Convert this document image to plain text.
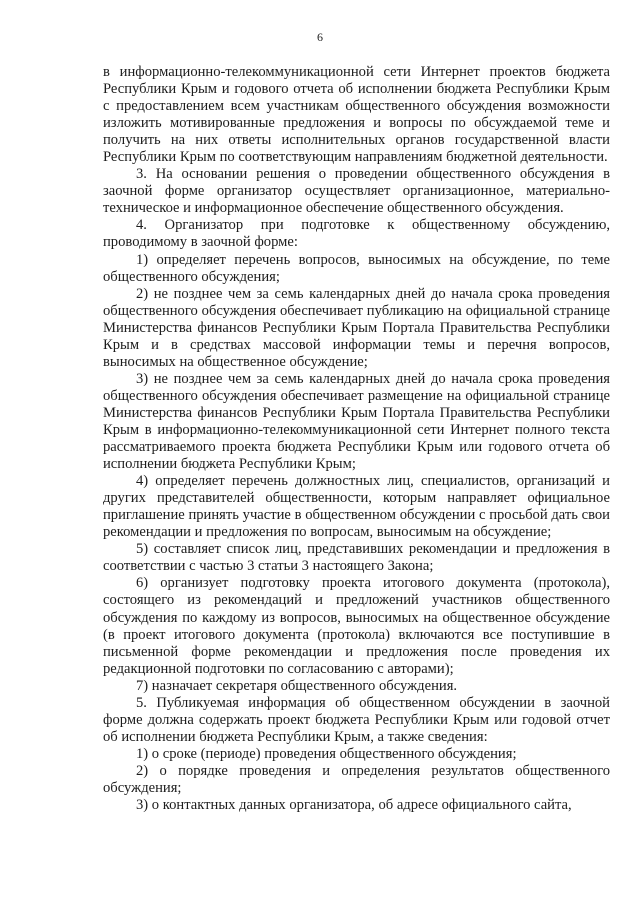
6

в информационно-телекоммуникационной сети Интернет проектов бюджета Республики Крым и годового отчета об исполнении бюджета Республики Крым с предоставлением всем участникам общественного обсуждения возможности изложить мотивированные предложения и вопросы по обсуждаемой теме и получить на них ответы исполнительных органов государственной власти Республики Крым по соответствующим направлениям бюджетной деятельности.

3. На основании решения о проведении общественного обсуждения в заочной форме организатор осуществляет организационное, материально-техническое и информационное обеспечение общественного обсуждения.

4. Организатор при подготовке к общественному обсуждению, проводимому в заочной форме:

1) определяет перечень вопросов, выносимых на обсуждение, по теме общественного обсуждения;

2) не позднее чем за семь календарных дней до начала срока проведения общественного обсуждения обеспечивает публикацию на официальной странице Министерства финансов Республики Крым Портала Правительства Республики Крым и в средствах массовой информации темы и перечня вопросов, выносимых на общественное обсуждение;

3) не позднее чем за семь календарных дней до начала срока проведения общественного обсуждения обеспечивает размещение на официальной странице Министерства финансов Республики Крым Портала Правительства Республики Крым в информационно-телекоммуникационной сети Интернет полного текста рассматриваемого проекта бюджета Республики Крым или годового отчета об исполнении бюджета Республики Крым;

4) определяет перечень должностных лиц, специалистов, организаций и других представителей общественности, которым направляет официальное приглашение принять участие в общественном обсуждении с просьбой дать свои рекомендации и предложения по вопросам, выносимым на обсуждение;

5) составляет список лиц, представивших рекомендации и предложения в соответствии с частью 3 статьи 3 настоящего Закона;

6) организует подготовку проекта итогового документа (протокола), состоящего из рекомендаций и предложений участников общественного обсуждения по каждому из вопросов, выносимых на общественное обсуждение (в проект итогового документа (протокола) включаются все поступившие в письменной форме рекомендации и предложения после проведения их редакционной подготовки по согласованию с авторами);

7) назначает секретаря общественного обсуждения.

5. Публикуемая информация об общественном обсуждении в заочной форме должна содержать проект бюджета Республики Крым или годовой отчет об исполнении бюджета Республики Крым, а также сведения:

1) о сроке (периоде) проведения общественного обсуждения;

2) о порядке проведения и определения результатов общественного обсуждения;

3) о контактных данных организатора, об адресе официального сайта,
